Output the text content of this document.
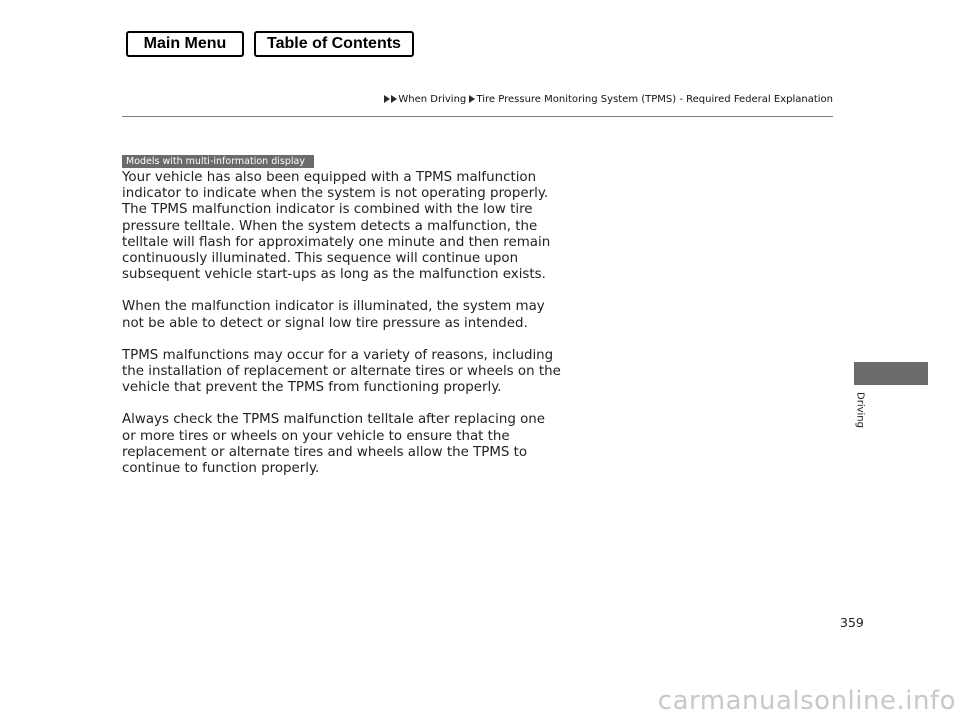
Main Menu	Table of Contents
When Driving Tire Pressure Monitoring System (TPMS) - Required Federal Explanation
Models with multi-information display

Your vehicle has also been equipped with a TPMS malfunction indicator to indicate when the system is not operating properly. The TPMS malfunction indicator is combined with the low tire pressure telltale. When the system detects a malfunction, the telltale will flash for approximately one minute and then remain continuously illuminated. This sequence will continue upon subsequent vehicle start-ups as long as the malfunction exists.

When the malfunction indicator is illuminated, the system may not be able to detect or signal low tire pressure as intended.

TPMS malfunctions may occur for a variety of reasons, including the installation of replacement or alternate tires or wheels on the vehicle that prevent the TPMS from functioning properly.

Always check the TPMS malfunction telltale after replacing one or more tires or wheels on your vehicle to ensure that the replacement or alternate tires and wheels allow the TPMS to continue to function properly.

Driving
359
carmanualsonline.info
